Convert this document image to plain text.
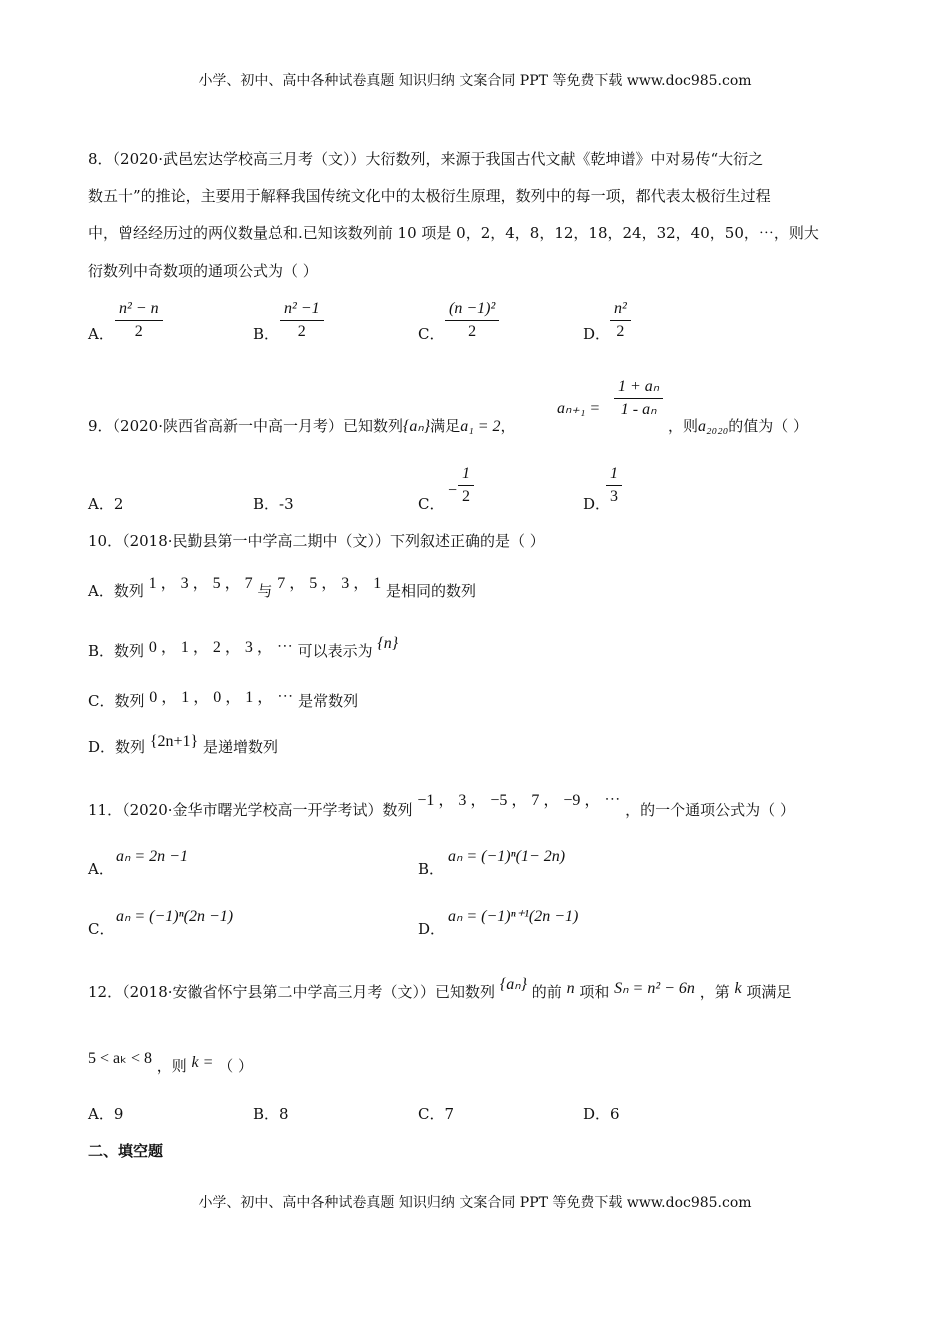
小学、初中、高中各种试卷真题 知识归纳 文案合同 PPT 等免费下载 www.doc985.com
8．（2020·武邑宏达学校高三月考（文））大衍数列，来源于我国古代文献《乾坤谱》中对易传“大衍之
数五十”的推论，主要用于解释我国传统文化中的太极衍生原理，数列中的每一项，都代表太极衍生过程
中，曾经经历过的两仪数量总和.已知该数列前 10 项是 0，2，4，8，12，18，24，32，40，50，⋯，则大
衍数列中奇数项的通项公式为（ ）
A． $\frac{\text{n² − n}}{2}$	B． $\frac{\text{n² −1}}{2}$	C． $\frac{\text{(n −1)²}}{2}$	D． $\frac{\text{n²}}{2}$
9．（2020·陕西省高新一中高一月考）已知数列{aₙ}满足a₁ = 2，
$a_{n+1} = \frac{\text{1 + aₙ}}{\text{1 - aₙ}}$
，则a₂₀₂₀的值为（ ）
A．2	B．-3	C．
− $\frac{1}{2}$	D．
$\frac{1}{3}$
10．（2018·民勤县第一中学高二期中（文））下列叙述正确的是（ ）
A．数列 1 ， 3 ， 5 ， 7 与 7 ， 5 ， 3 ， 1 是相同的数列
B．数列 0 ， 1 ， 2 ， 3 ， ⋯ 可以表示为 {n}
C．数列 0 ， 1 ， 0 ， 1 ， ⋯ 是常数列
D．数列 {2n+1} 是递增数列
11．（2020·金华市曙光学校高一开学考试）数列 −1 ， 3 ， −5 ， 7 ， −9 ， ⋯ ，的一个通项公式为（ ）
A．
aₙ = 2n −1
B．
aₙ = (−1)ⁿ(1− 2n)
C．
aₙ = (−1)ⁿ(2n −1)
D．
aₙ = (−1)ⁿ⁺¹(2n −1)
12．（2018·安徽省怀宁县第二中学高三月考（文））已知数列 {aₙ} 的前 n 项和 Sₙ = n² − 6n ，第 k 项满足
5 < aₖ < 8 ，则 k = （ ）
A．9	B．8	C．7	D．6
二、填空题
小学、初中、高中各种试卷真题 知识归纳 文案合同 PPT 等免费下载 www.doc985.com
